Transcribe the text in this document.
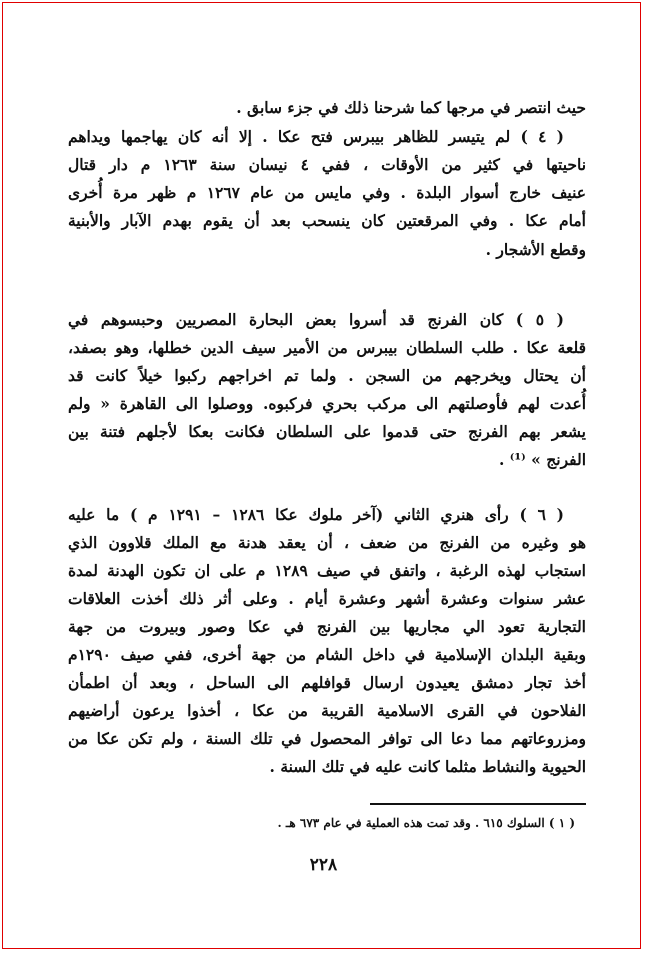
حيث انتصر في مرجها كما شرحنا ذلك في جزء سابق .
( ٤ ) لم يتيسر للظاهر بيبرس فتح عكا . إلا أنه كان يهاجمها ويداهم
ناحيتها في كثير من الأوقات ، ففي ٤ نيسان سنة ١٢٦٣ م دار قتال
عنيف خارج أسوار البلدة . وفي مايس من عام ١٢٦٧ م ظهر مرة أُخرى
أمام عكا . وفي المرقعتين كان ينسحب بعد أن يقوم بهدم الآبار والأبنية
وقطع الأشجار .
( ٥ ) كان الفرنج قد أسروا بعض البحارة المصريين وحبسوهم في
قلعة عكا . طلب السلطان بيبرس من الأمير سيف الدين خطلها، وهو بصفد،
أن يحتال ويخرجهم من السجن . ولما تم اخراجهم ركبوا خيلاً كانت قد
أُعدت لهم فأوصلتهم الى مركب بحري فركبوه. ووصلوا الى القاهرة « ولم
يشعر بهم الفرنج حتى قدموا على السلطان فكانت بعكا لأجلهم فتنة بين
الفرنج » ⁽¹⁾ .
( ٦ ) رأى هنري الثاني (آخر ملوك عكا ١٢٨٦ – ١٢٩١ م ) ما عليه
هو وغيره من الفرنج من ضعف ، أن يعقد هدنة مع الملك قلاوون الذي
استجاب لهذه الرغبة ، واتفق في صيف ١٢٨٩ م على ان تكون الهدنة لمدة
عشر سنوات وعشرة أشهر وعشرة أيام . وعلى أثر ذلك أخذت العلاقات
التجارية تعود الي مجاريها بين الفرنج في عكا وصور وبيروت من جهة
وبقية البلدان الإسلامية في داخل الشام من جهة أخرى، ففي صيف ١٢٩٠م
أخذ تجار دمشق يعيدون ارسال قوافلهم الى الساحل ، وبعد أن اطمأن
الفلاحون في القرى الاسلامية القريبة من عكا ، أخذوا يرعون أراضيهم
ومزروعاتهم مما دعا الى توافر المحصول في تلك السنة ، ولم تكن عكا من
الحيوية والنشاط مثلما كانت عليه في تلك السنة .
( ١ ) السلوك ٦١٥ . وقد تمت هذه العملية في عام ٦٧٣ هـ .
٢٢٨
